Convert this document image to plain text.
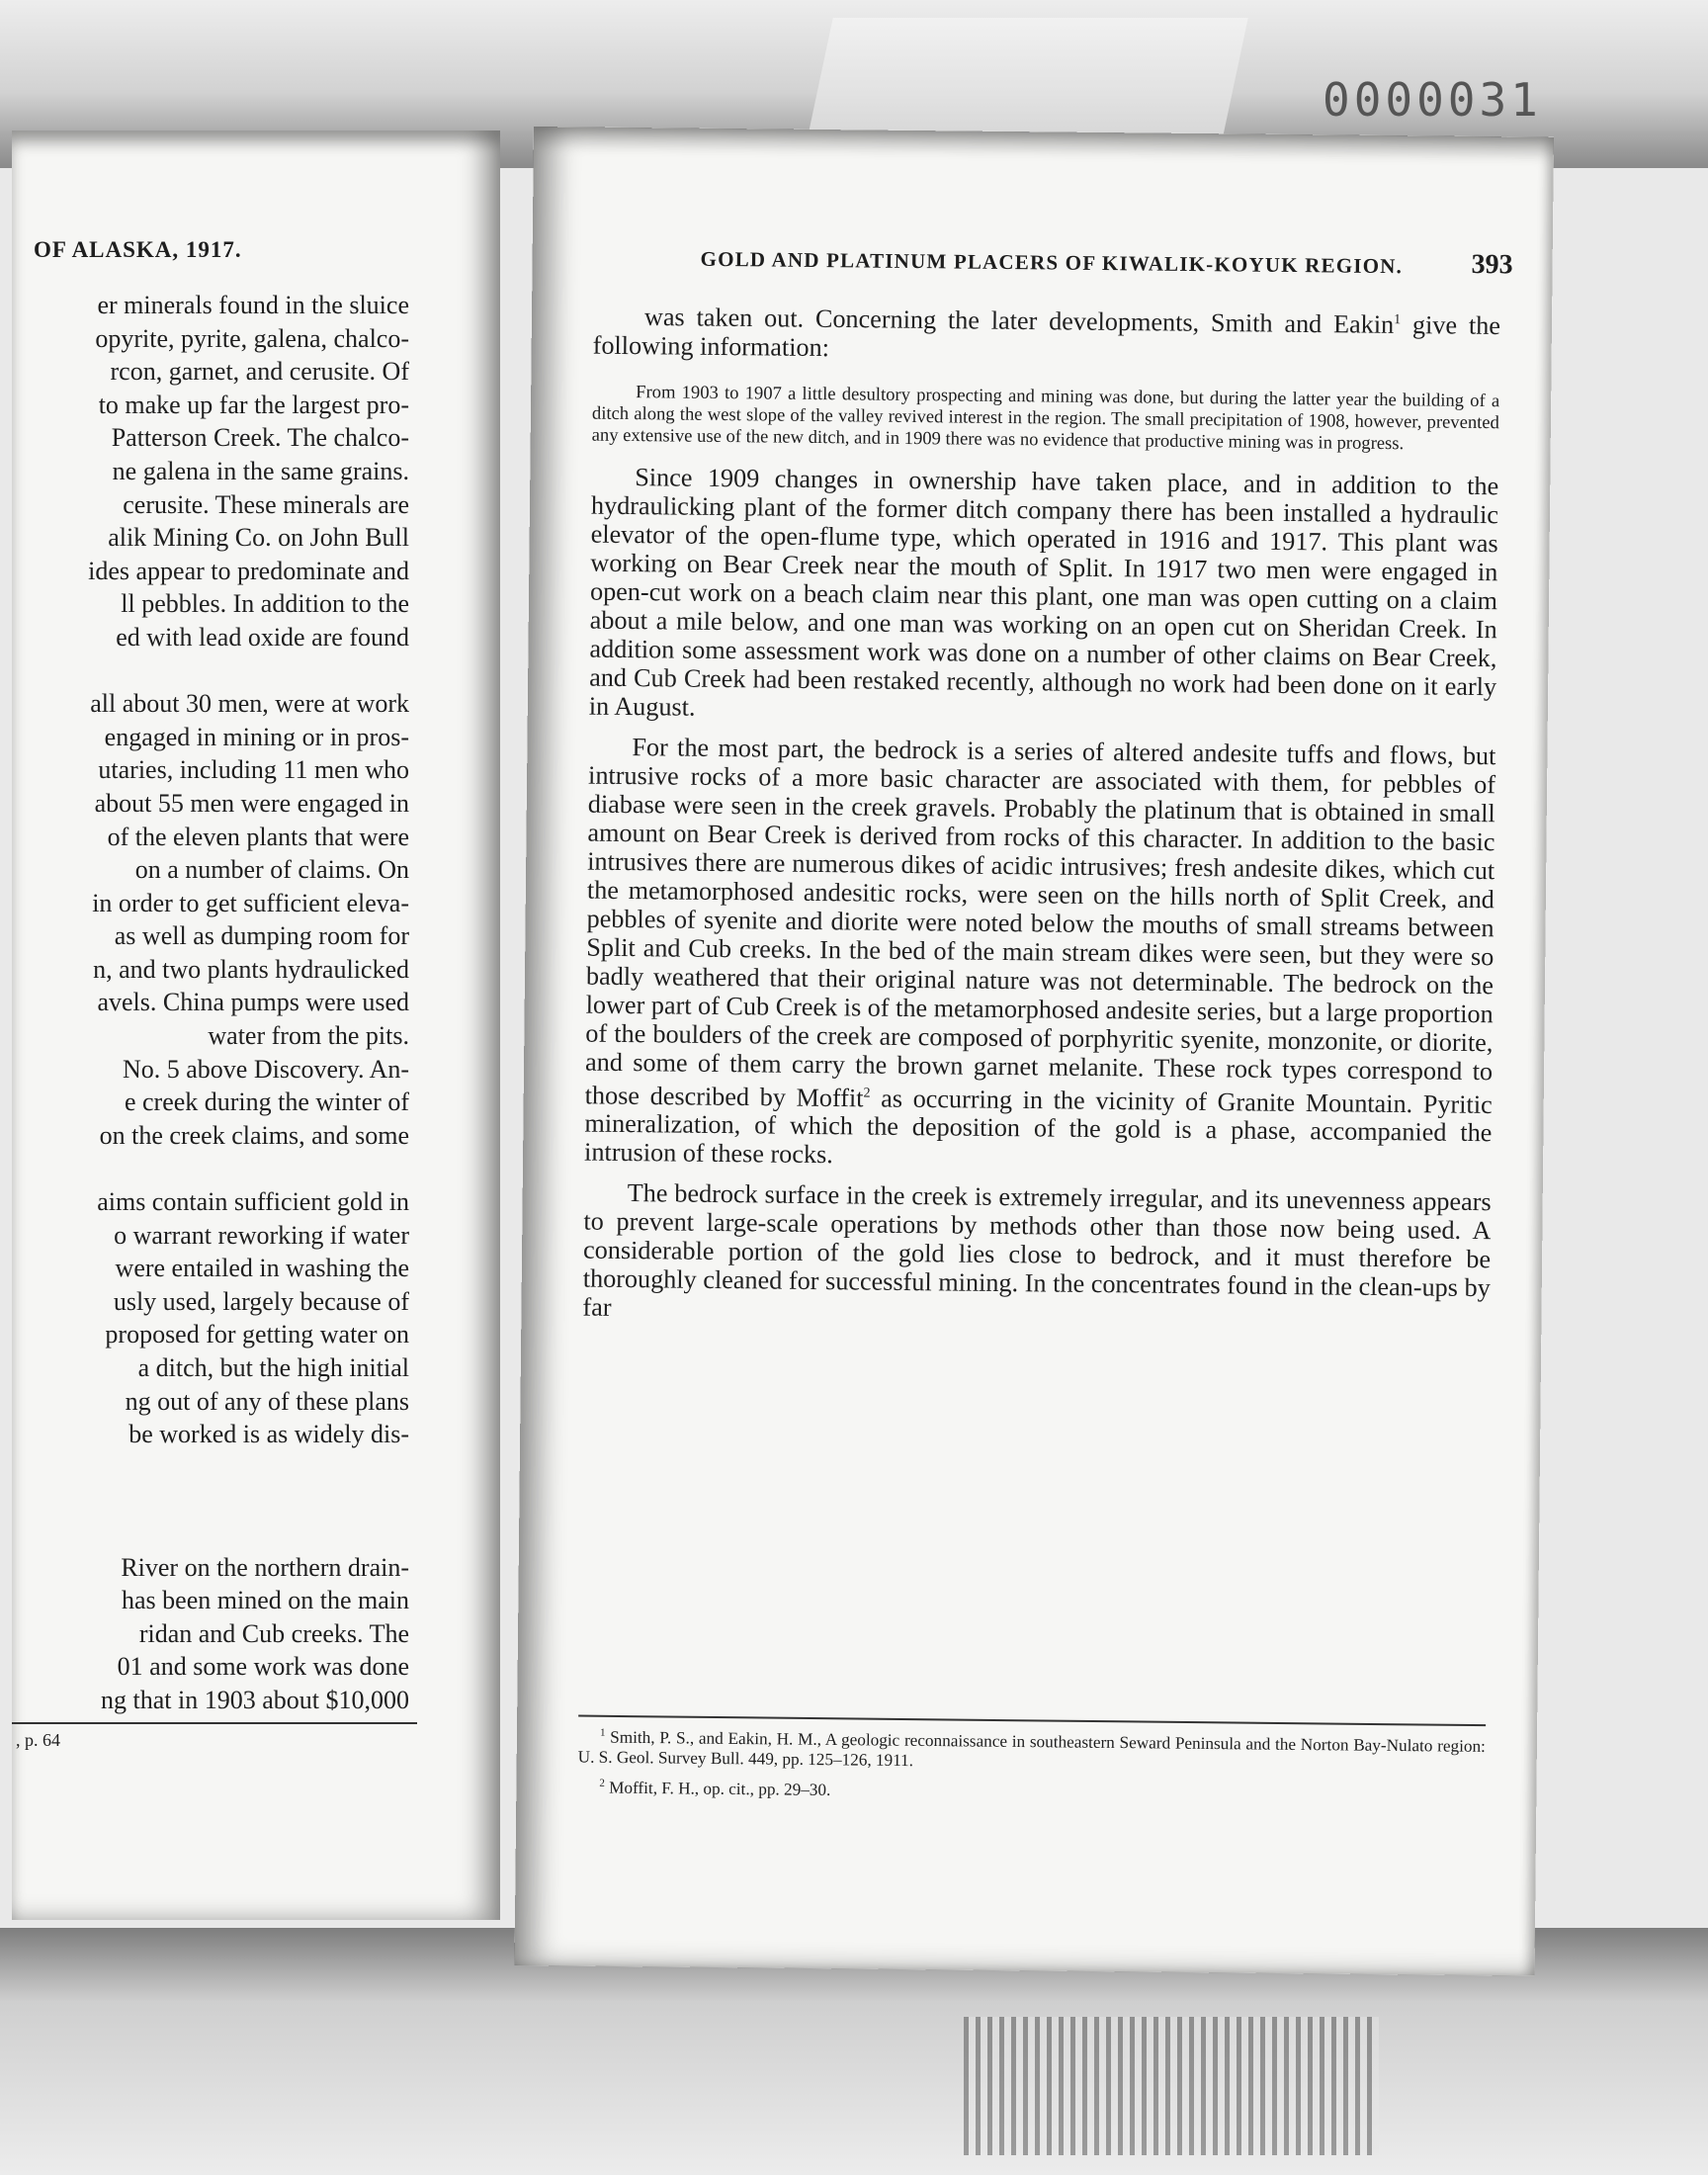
0000031
OF ALASKA, 1917.
er minerals found in the sluice
opyrite, pyrite, galena, chalco-
rcon, garnet, and cerusite. Of
to make up far the largest pro-
Patterson Creek. The chalco-
ne galena in the same grains.
cerusite. These minerals are
alik Mining Co. on John Bull
ides appear to predominate and
ll pebbles. In addition to the
ed with lead oxide are found
all about 30 men, were at work
engaged in mining or in pros-
utaries, including 11 men who
about 55 men were engaged in
of the eleven plants that were
on a number of claims. On
in order to get sufficient eleva-
as well as dumping room for
n, and two plants hydraulicked
avels. China pumps were used
water from the pits.
No. 5 above Discovery. An-
e creek during the winter of
on the creek claims, and some
aims contain sufficient gold in
o warrant reworking if water
were entailed in washing the
usly used, largely because of
proposed for getting water on
a ditch, but the high initial
ng out of any of these plans
be worked is as widely dis-
River on the northern drain-
has been mined on the main
ridan and Cub creeks. The
01 and some work was done
ng that in 1903 about $10,000
, p. 64
GOLD AND PLATINUM PLACERS OF KIWALIK-KOYUK REGION.	393

was taken out. Concerning the later developments, Smith and Eakin$^1$ give the following information:

From 1903 to 1907 a little desultory prospecting and mining was done, but during the latter year the building of a ditch along the west slope of the valley revived interest in the region. The small precipitation of 1908, however, prevented any extensive use of the new ditch, and in 1909 there was no evidence that productive mining was in progress.

Since 1909 changes in ownership have taken place, and in addition to the hydraulicking plant of the former ditch company there has been installed a hydraulic elevator of the open-flume type, which operated in 1916 and 1917. This plant was working on Bear Creek near the mouth of Split. In 1917 two men were engaged in open-cut work on a beach claim near this plant, one man was open cutting on a claim about a mile below, and one man was working on an open cut on Sheridan Creek. In addition some assessment work was done on a number of other claims on Bear Creek, and Cub Creek had been restaked recently, although no work had been done on it early in August.

For the most part, the bedrock is a series of altered andesite tuffs and flows, but intrusive rocks of a more basic character are associated with them, for pebbles of diabase were seen in the creek gravels. Probably the platinum that is obtained in small amount on Bear Creek is derived from rocks of this character. In addition to the basic intrusives there are numerous dikes of acidic intrusives; fresh andesite dikes, which cut the metamorphosed andesitic rocks, were seen on the hills north of Split Creek, and pebbles of syenite and diorite were noted below the mouths of small streams between Split and Cub creeks. In the bed of the main stream dikes were seen, but they were so badly weathered that their original nature was not determinable. The bedrock on the lower part of Cub Creek is of the metamorphosed andesite series, but a large proportion of the boulders of the creek are composed of porphyritic syenite, monzonite, or diorite, and some of them carry the brown garnet melanite. These rock types correspond to those described by Moffit$^2$ as occurring in the vicinity of Granite Mountain. Pyritic mineralization, of which the deposition of the gold is a phase, accompanied the intrusion of these rocks.

The bedrock surface in the creek is extremely irregular, and its unevenness appears to prevent large-scale operations by methods other than those now being used. A considerable portion of the gold lies close to bedrock, and it must therefore be thoroughly cleaned for successful mining. In the concentrates found in the clean-ups by far

$^1$ Smith, P. S., and Eakin, H. M., A geologic reconnaissance in southeastern Seward Peninsula and the Norton Bay-Nulato region: U. S. Geol. Survey Bull. 449, pp. 125–126, 1911.

$^2$ Moffit, F. H., op. cit., pp. 29–30.
